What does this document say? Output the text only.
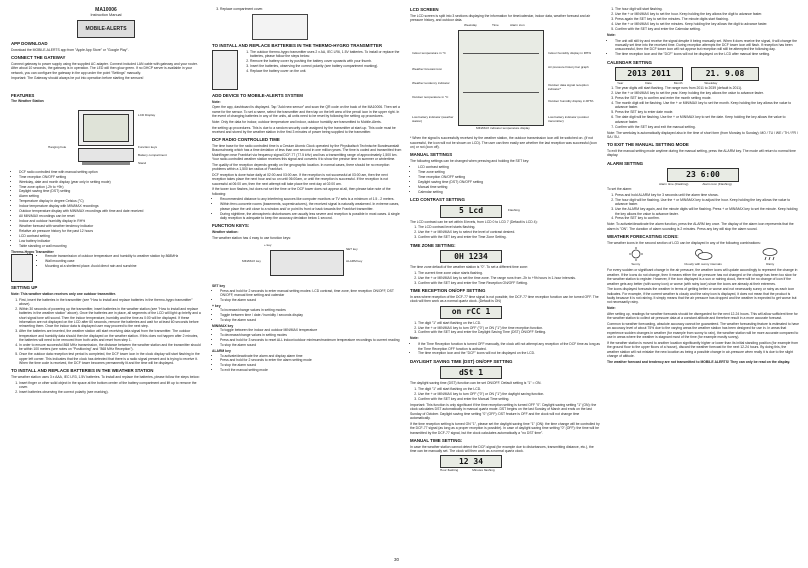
MA10006
Instruction Manual
MOBILE-ALERTS
APP DOWNLOAD

Download the MOBILE-ALERTS app from "Apple App Store" or "Google Play".

CONNECT THE GATEWAY

Connect gateway to power supply using the supplied AC adapter. Connect included LAN cable with gateway and your router. After about 10 seconds, the gateway is in operation. The LED will then glow green. If no DHCP server is available in your network, you can configure the gateway in the app under the point "Settings" manually.

Important: The Gateway should always be put into operation before starting the sensors!

FEATURES
The Weather Station
LCD Display
Hanging hole	Function keys
Battery compartment
Stand
• DCF radio controlled time with manual setting option
• Time reception ON/OFF setting
• Weekday, date and month display (year only in setting mode)
• Time zone option (-2h to +9h)
• Daylight saving time (DST) setting
• Alarm setting
• Temperature display in degree Celsius (°C)
• Indoor temperature display with MIN/MAX recordings
• Outdoor temperature display with MIN/MAX recordings with time and date received
• All MIN/MAX recordings can be reset
• Indoor and outdoor humidity display in RH%
• Weather forecast with weather tendency indicator
• Relative air pressure history for the past 12 hours
• LCD contrast setting
• Low battery indicator
• Table standing or wall mounting
Thermo-Hygro Transmitter
• Remote transmission of outdoor temperature and humidity to weather station by 868MHz
• Wall mounting case
• Mounting at a sheltered place. Avoid direct rain and sunshine
SETTING UP

Note: This weather station receives only one outdoor transmitter.

1. First, insert the batteries in the transmitter (see "How to install and replace batteries in the thermo-hygro transmitter" above).
2. Within 30 seconds of powering up the transmitter, insert batteries in the weather station (see "How to install and replace batteries in the weather station" above). Once the batteries are in place, all segments of the LCD will light up briefly and a short signal tone will sound. Then the indoor temperature, humidity and the time as 0:00 will be displayed. If these information are not displayed on the LCD after 60 seconds, remove the batteries and wait for at least 60 seconds before reinserting them. Once the indoor data is displayed user may proceed to the next step.
3. After the batteries are inserted, the weather station will start receiving data signal from the transmitter. The outdoor temperature and humidity data should then be displayed on the weather station. If this does not happen after 2 minutes, the batteries will need to be removed from both units and reset from step 1.
4. In order to ensure successful 868 MHz transmission, the distance between the weather station and the transmitter should be within 100 meters (see notes on "Positioning" and "868 MHz Reception").
5. Once the outdoor data reception test period is completed, the DCF tower icon in the clock display will start flashing in the upper left corner. This indicates that the clock has detected that there is a radio signal present and is trying to receive it. When the time code is received, the DCF tower becomes permanently lit and the time will be displayed.
TO INSTALL AND REPLACE BATTERIES IN THE WEATHER STATION

The weather station uses 3 x AAA, IEC LR3, 1.5V batteries. To install and replace the batteries, please follow the steps below:

1. Insert finger or other solid object in the space at the bottom center of the battery compartment and lift up to remove the cover.
2. Insert batteries observing the correct polarity (see marking).
3. Replace compartment cover.
TO INSTALL AND REPLACE BATTERIES IN THE THERMO-HYGRO TRANSMITTER
1. The outdoor thermo-hygro transmitter uses 2 x AA, IEC LR6, 1.5V batteries. To install or replace the batteries, please follow the steps below:
2. Remove the battery cover by pushing the battery cover upwards with your thumb.
3. Insert the batteries, observing the correct polarity (see battery compartment marking).
4. Replace the battery cover on the unit.
ADD DEVICE TO MOBILE-ALERTS SYSTEM

Note:

Open the app, dashboard is displayed. Tap "Add new sensor" and scan the QR code on the back of the MA10006. Then set a name for the sensor. To set a name, select the transmitter and then tap on the left area of the pencil icon in the upper right. In the event of changing batteries in any of the units, all units need to be reset by following the setting up procedures.

Note: Only the data for indoor, outdoor temperature and indoor, outdoor humidity are transmitted to Mobile-Alerts.

the setting up procedures. This is due to a random security code assigned by the transmitter at start-up. This code must be received and stored by the weather station in the first 3 minutes of power being supplied to the transmitter.

DCF RADIO CONTROLLED TIME

The time base for the radio controlled time is a Cesium Atomic Clock operated by the Physikalisch Technische Bundesanstalt Braunschweig which has a time deviation of less than one second in one million years. The time is coded and transmitted from Mainflingen near Frankfurt via frequency signal DCF-77 (77.5 kHz) and has a transmitting range of approximately 1,500 km. Your radio-controlled weather station receives this signal and converts it to show the precise time in summer or wintertime.

The quality of the reception depends greatly on the geographic location. In normal cases, there should be no reception problems within a 1,500 km radius of Frankfurt.

DCF reception is done twice daily at 02:00 and 03:00 am. If the reception is not successful at 03:00 am, then the next reception takes place the next hour and so on until 06:00am, or until the reception is successful. If the reception is not successful at 06:00 am, then the next attempt will take place the next day at 02:00 am.

If the tower icon flashes, but does not set the time or the DCF tower does not appear at all, then please take note of the following:

• Recommended distance to any interfering sources like computer monitors or TV sets is a minimum of 1.5 - 2 meters.
• Within ferro-concrete rooms (basements, superstructures), the received signal is naturally weakened. In extreme cases, please place the unit close to a window and/ or point its front or back towards the Frankfurt transmitter.
• During nighttime, the atmospheric disturbances are usually less severe and reception is possible in most cases. A single daily reception is adequate to keep the accuracy deviation below 1 second.
FUNCTION KEYS:

Weather station:

The weather station has 4 easy to use function keys:

SET key
MIN/MAX key
+ key
ALARM key
SET key
• Press and hold for 2 seconds to enter manual setting modes: LCD contrast, time zone, time reception ON/OFF, DST ON/OFF, manual time setting and calendar
• To stop the alarm sound
+ key
• To increase/change values in setting modes
• Toggle between time / date / humidity / seconds display
• To stop the alarm sound
MIN/MAX key
• To toggle between the indoor and outdoor MIN/MAX temperature
• To decrease/change values in setting modes
• Press and hold for 3 seconds to reset ALL indoor/outdoor minimum/maximum temperature recordings to current reading
• To stop the alarm sound
ALARM key
• To activate/deactivate the alarm and display alarm time
• Press and hold for 2 seconds to enter the alarm setting mode
• To stop the alarm sound
• To exit the manual setting mode
LCD SCREEN

The LCD screen is split into 3 sections displaying the information for time/calendar, indoor data, weather forecast and air pressure history, and outdoor data.

Weekday	Time	Alarm icon
Indoor temperature in °C	Indoor humidity display in RH%
Weather forecast icon	Air pressure history bar graph
Weather tendency indicator	Outdoor data signal reception indicator*
Outdoor temperature in °C
Outdoor humidity display in RH%
Low battery indicator (weather station)
MIN/MAX indicator temperature display
Low battery indicator (outdoor transmitter)

* When the signal is successfully received by the weather station, the outdoor transmission icon will be switched on. (If not successful, the icon will not be shown on LCD). The user can then easily see whether the last reception was successful (icon on) or not (icon off).

MANUAL SETTINGS

The following settings can be changed when pressing and holding the SET key:

• LCD contrast setting
• Time zone setting
• Time reception ON/OFF setting
• Daylight saving time (DST) ON/OFF setting
• Manual time setting
• Calendar setting
LCD CONTRAST SETTING
5 Lcd	Flashing

The LCD contrast can be set within 8 levels, from LCD 0 to LCD 7 (Default is LCD 4):

1. The LCD contrast level starts flashing.
2. Use the + or MIN/MAX key to select the level of contrast desired.
3. Confirm with the SET key and enter the Time Zone Setting.
TIME ZONE SETTING:
0H 1234

The time zone default of the weather station is "0". To set a different time zone:

1. The current time zone value starts flashing.
2. Use the + or MIN/MAX key to set the time zone. The range runs from -2h to +9h hours in 1-hour intervals.
3. Confirm with the SET key and enter the Time Reception ON/OFF Setting.
TIME RECEPTION ON/OFF SETTING

In area where reception of the DCF-77 time signal is not possible, the DCF-77 time reception function can be turned OFF. The clock will then work as a normal quartz clock. (Default is ON)

on rCC 1
1. The digit "1" will start flashing on the LCD.
2. Use the + or MIN/MAX key to turn OFF ("0") or ON ("1") the time reception function.
3. Confirm with the SET key and enter the Daylight Saving Time (DST) ON/OFF Setting.

Note:

• If the Time Reception function is turned OFF manually, the clock will not attempt any reception of the DCF time as long as the Time Reception OFF function is activated.
• The time reception icon and the "DCF" icons will not be displayed on the LCD.
DAYLIGHT SAVING TIME (DST) ON/OFF SETTING
dSt 1

The daylight saving time (DST) function can be set ON/OFF. Default setting is "1" = ON.

1. The digit "1" will start flashing on the LCD.
2. Use the + or MIN/MAX key to turn OFF ("0") or ON ("1") the daylight saving function.
3. Confirm with the SET key and enter the Manual Time setting.

Important: This function is only significant if the time reception setting is turned OFF "0". Daylight saving setting "1" (ON): the clock calculates DST automatically in manual quartz mode. DST begins on the last Sunday of March and ends on the last Sunday of October. Daylight saving time setting "0" (OFF): DST feature is OFF and the clock will not change time automatically.

If the time reception setting is turned ON "1", please set the daylight saving time "1" (ON): the time change will be controlled by the DCF-77 signal (as long as a proper reception is possible). In case of daylight saving time setting "0" (OFF): the time will be transmitted by the DCF-77 signal, but the clock calculates automatically a "no DST time".

MANUAL TIME SETTING:

In case the weather station cannot detect the DCF-signal (for example due to disturbances, transmitting distance, etc.), the time can be manually set. The clock will then work as a normal quartz clock.

12 34
Hour flashing	Minutes flashing
1. The hour digit will start flashing.
2. Use the + or MIN/MAX key to set the hour. Keep holding the key allows the digit to advance faster.
3. Press again the SET key to set the minutes. The minute digits start flashing.
4. Use the + or MIN/MAX key to set the minutes. Keep holding the key allows the digit to advance faster.
5. Confirm with the SET key and enter the Calendar setting.

Note:

• The unit will still try and receive the signal despite it being manually set. When it does receive the signal, it will change the manually set time into the received time. During reception attempts the DCF tower icon will flash. If reception has been unsuccessful, then the DCF tower icon will not appear but reception will still be attempted the following day.
• The time reception icon and the "DCF" icons will not be displayed on the LCD after manual time setting.
CALENDAR SETTING
2013 2011	21. 9.08
Year	Date	Month	Weekday
1. The year digits will start flashing. The range runs from 2011 to 2039 (default is 2011).
2. Use the + or MIN/MAX key to set the year. Keep holding the key allows the value to advance faster.
3. Press the SET key to confirm and enter the month setting mode.
4. The month digit will be flashing. Use the + or MIN/MAX key to set the month. Keep holding the key allows the value to advance faster.
5. Press the SET key to enter date mode.
6. The date digit will be flashing. Use the + or MIN/MAX key to set the date. Keep holding the key allows the value to advance faster.
7. Confirm with the SET key and exit the manual setting.

Note: The weekday is automatically displayed also in the time of short form (from Monday to Sunday): MO / TU / WE / TH / FR / SA / SU.

TO EXIT THE MANUAL SETTING MODE

To exit the manual setting mode anytime during the manual setting, press the ALARM key. The mode will return to normal time display.

ALARM SETTING
23 6:00
Alarm time (Flashing)	Alarm icon (Flashing)

To set the alarm:

1. Press and hold ALARM key for 3 seconds until the alarm time shows.
2. The hour digit will be flashing. Use the + or MIN/MAX key to adjust the hour. Keep holding the key allows the value to advance faster.
3. Use the ALARM key again, and the minute digits will be flashing. Press + or MIN/MAX key to set the minute. Keep holding the key allows the value to advance faster.
4. Press the SET key to confirm.

Note: To activate/deactivate the alarm function, press the ALARM key once. The display of the alarm icon represents that the alarm is "ON". The duration of alarm sounding is 2 minutes. Press any key will stop the alarm sound.

WEATHER FORECASTING ICONS:

The weather icons in the second section of LCD can be displayed in any of the following combinations:

Sunny	Cloudy with sunny intervals	Rainy

For every sudden or significant change in the air pressure, the weather icons will update accordingly to represent the change in weather. If the icons do not change, then it means either the air pressure has not changed or the change has been too slow for the weather station to register. However, if the icon displayed is a sun or raining cloud, there will be no change of icon if the weather gets any better (with sunny icon) or worse (with rainy icon) since the icons are already at their extremes.

The icons displayed forecasts the weather in terms of getting better or worse and not necessarily sunny or rainy as each icon indicates. For example, if the current weather is cloudy and the rainy icon is displayed, it does not mean that the product is faulty because it is not raining. It simply means that the air pressure has dropped and the weather is expected to get worse but not necessarily rainy.

Note:

After setting up, readings for weather forecasts should be disregarded for the next 12-24 hours. This will allow sufficient time for the weather station to collect air pressure data at a constant altitude and therefore result in a more accurate forecast.

Common to weather forecasting, absolute accuracy cannot be guaranteed. The weather forecasting feature is estimated to have an accuracy level of about 75% due to the varying areas the weather station has been designed for use in. In areas that experience sudden changes in weather (for example from sunny to rain), the weather station will be more accurate compared to use in areas where the weather is stagnant most of the time (for example mostly sunny).

If the weather station is moved to another location significantly higher or lower than its initial standing position (for example from the ground floor to the upper floors of a house), discard the weather forecast for the next 12-24 hours. By doing this, the weather station will not mistake the new location as being a possible change in air-pressure when really it is due to the slight change of altitude.

The weather forecast and tendency are not transmitted to MOBILE ALERTS! They can only be read on the display.

30
